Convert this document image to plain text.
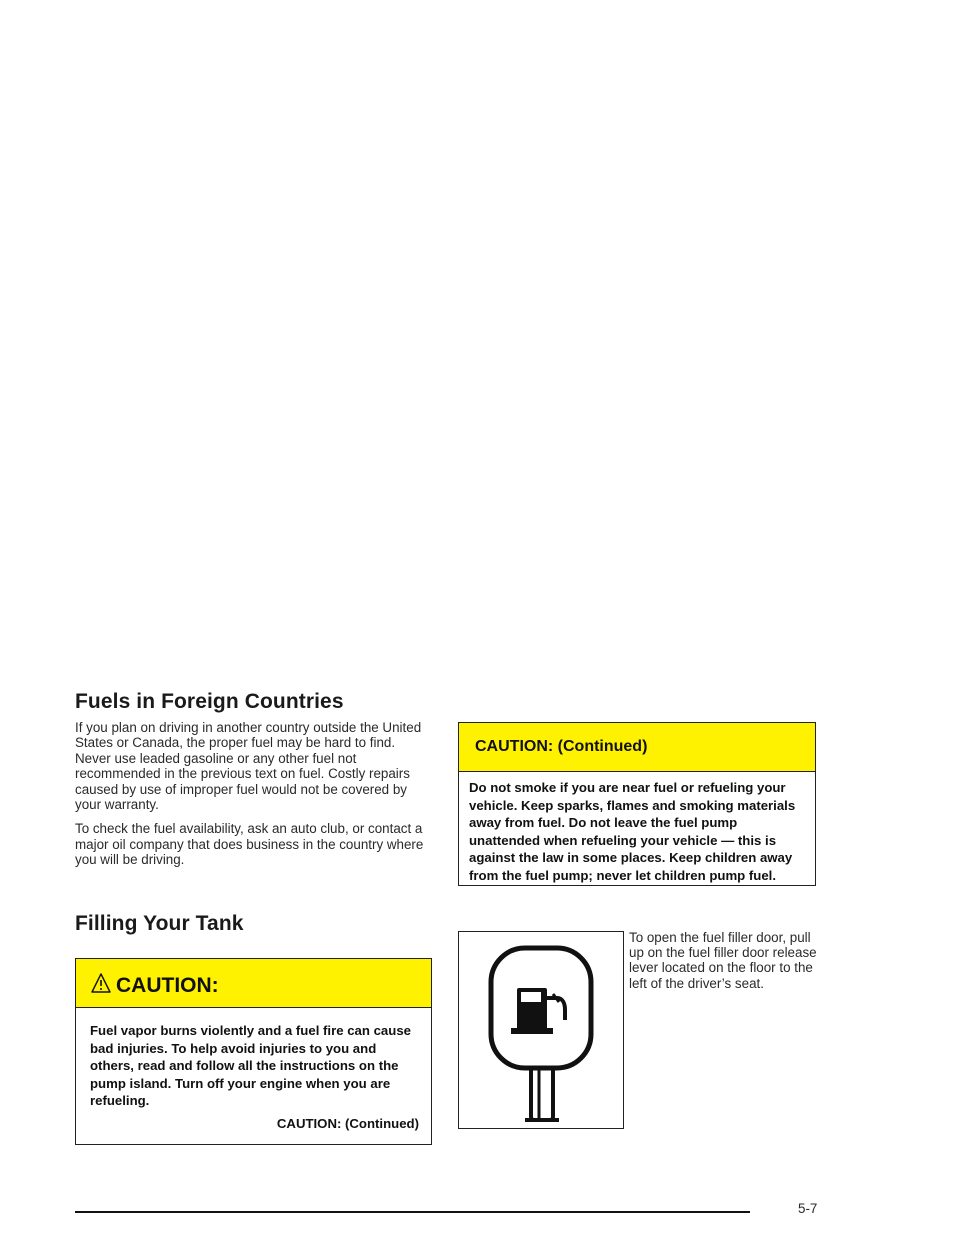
Fuels in Foreign Countries

If you plan on driving in another country outside the United States or Canada, the proper fuel may be hard to find. Never use leaded gasoline or any other fuel not recommended in the previous text on fuel. Costly repairs caused by use of improper fuel would not be covered by your warranty.

To check the fuel availability, ask an auto club, or contact a major oil company that does business in the country where you will be driving.

Filling Your Tank
CAUTION:
Fuel vapor burns violently and a fuel fire can cause bad injuries. To help avoid injuries to you and others, read and follow all the instructions on the pump island. Turn off your engine when you are refueling.
CAUTION: (Continued)
CAUTION: (Continued)
Do not smoke if you are near fuel or refueling your vehicle. Keep sparks, flames and smoking materials away from fuel. Do not leave the fuel pump unattended when refueling your vehicle — this is against the law in some places. Keep children away from the fuel pump; never let children pump fuel.
To open the fuel filler door, pull up on the fuel filler door release lever located on the floor to the left of the driver’s seat.
5-7
